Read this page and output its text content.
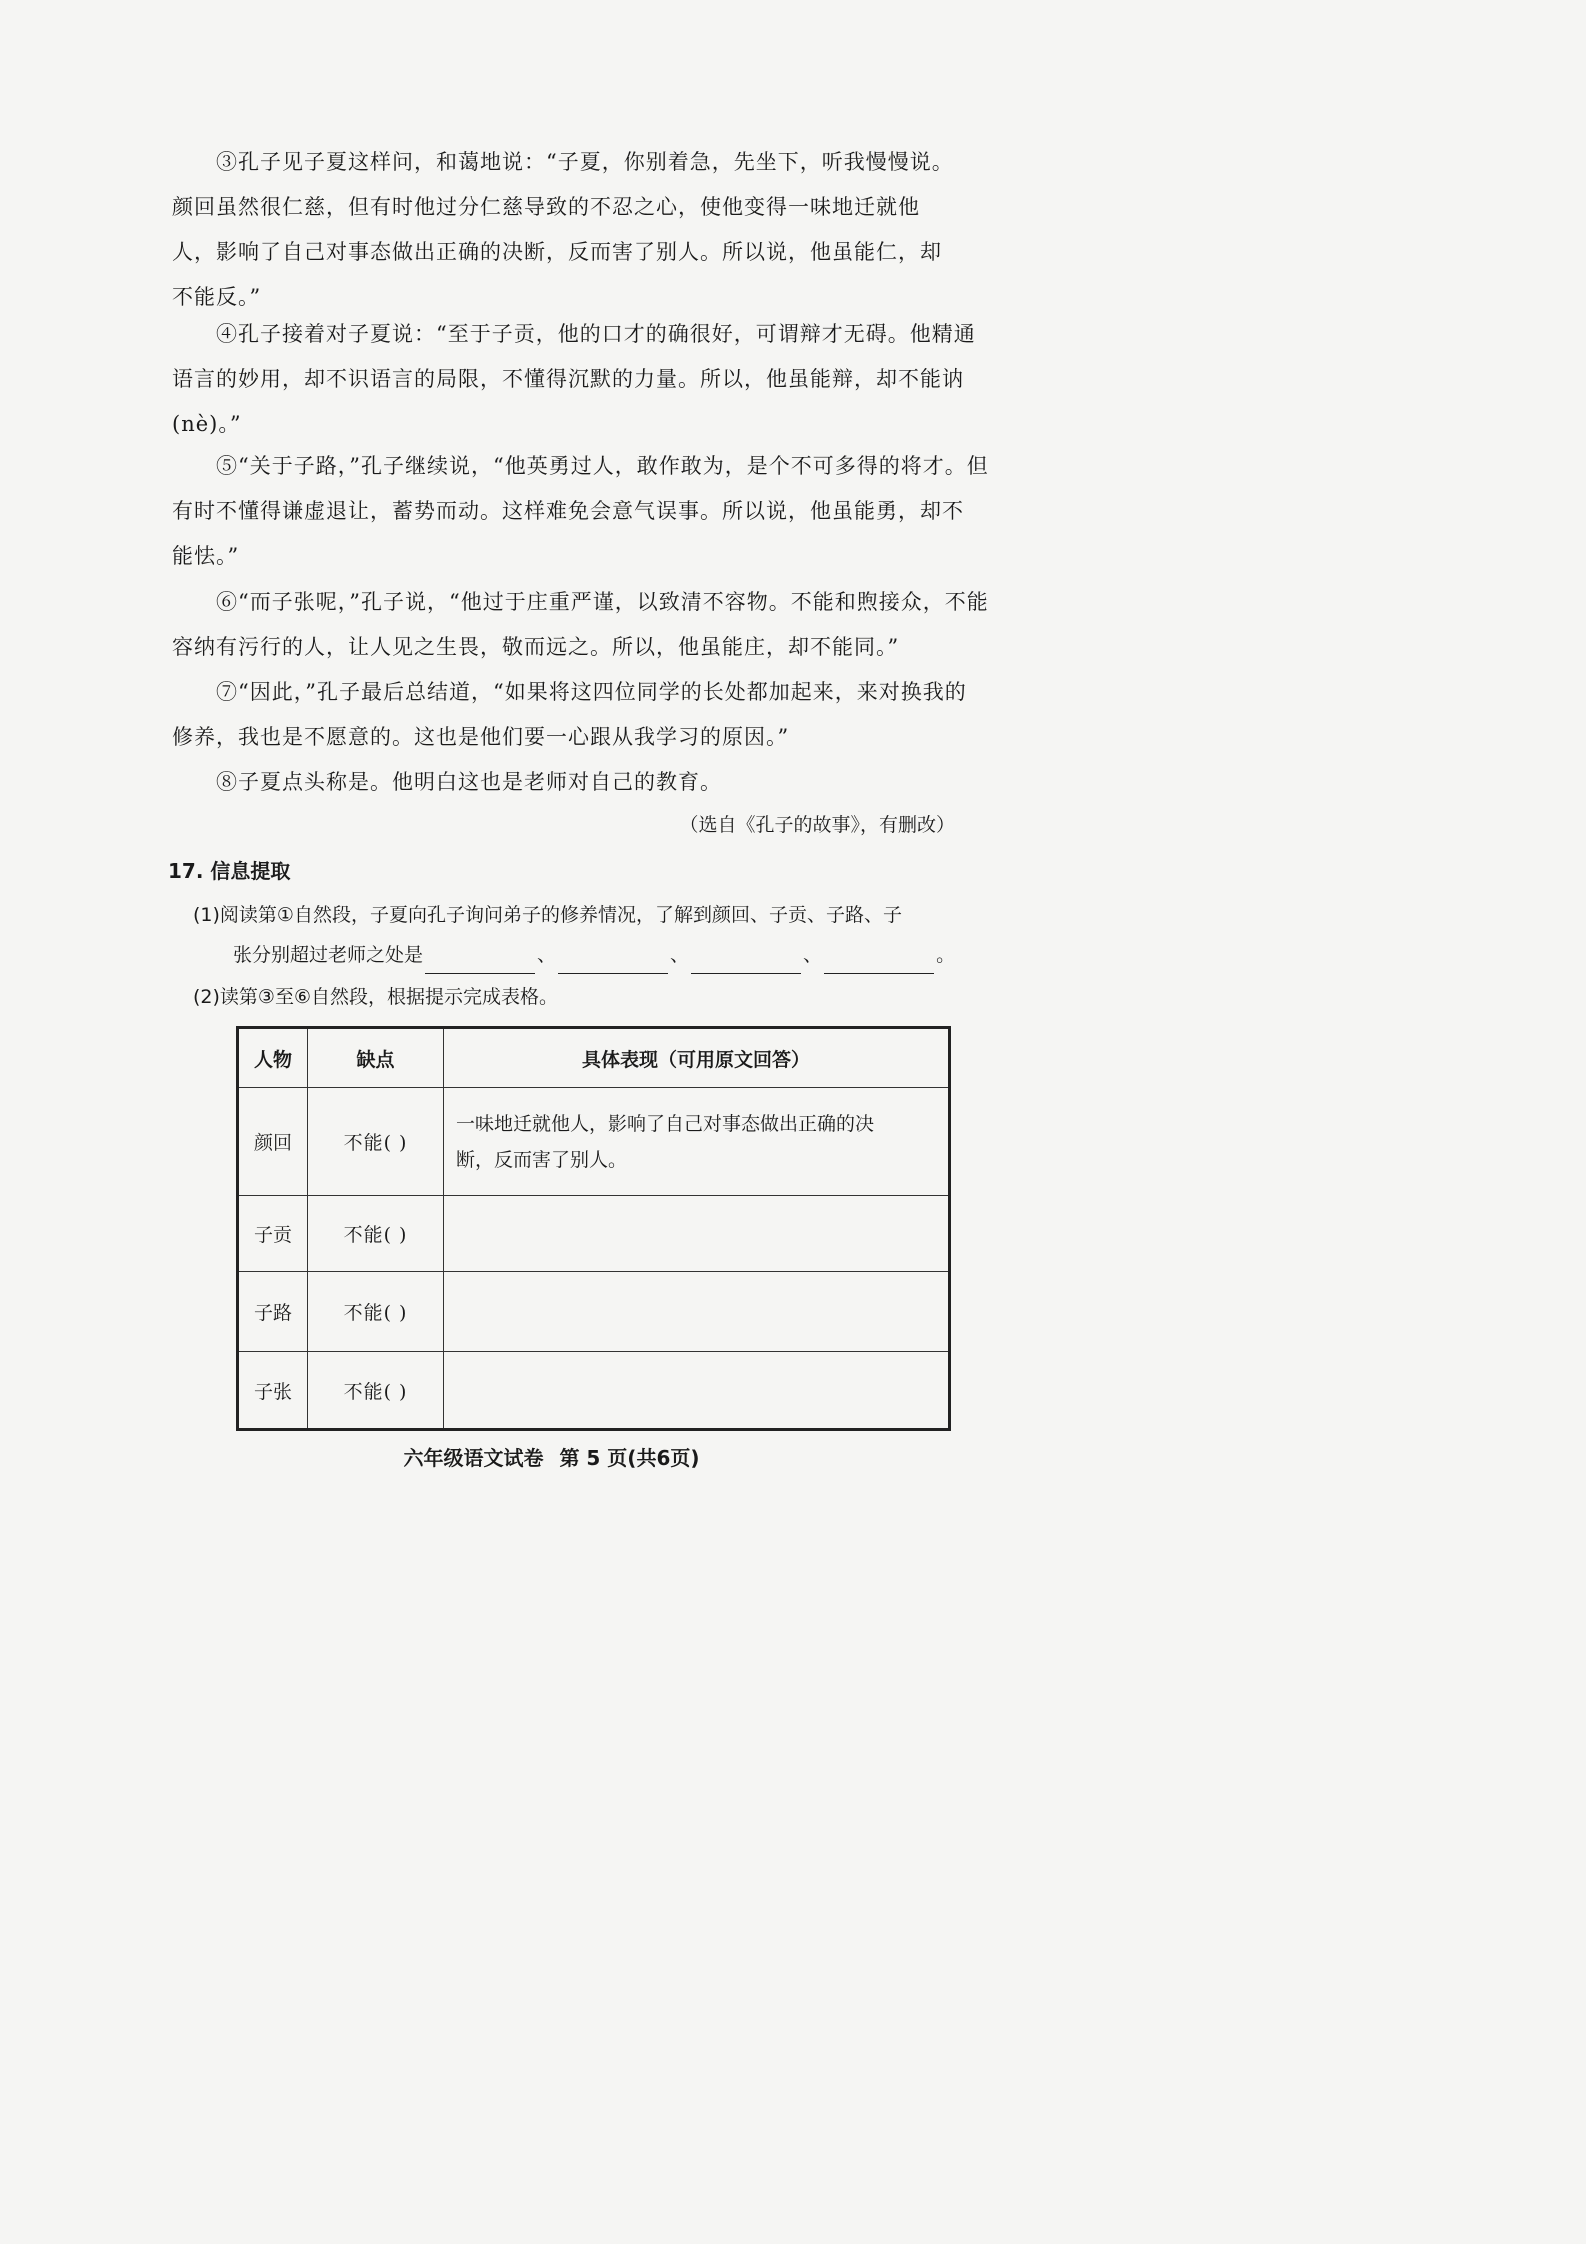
③孔子见子夏这样问，和蔼地说：“子夏，你别着急，先坐下，听我慢慢说。
颜回虽然很仁慈，但有时他过分仁慈导致的不忍之心，使他变得一味地迁就他
人，影响了自己对事态做出正确的决断，反而害了别人。所以说，他虽能仁，却
不能反。”
④孔子接着对子夏说：“至于子贡，他的口才的确很好，可谓辩才无碍。他精通
语言的妙用，却不识语言的局限，不懂得沉默的力量。所以，他虽能辩，却不能讷
(nè)。”
⑤“关于子路，”孔子继续说，“他英勇过人，敢作敢为，是个不可多得的将才。但
有时不懂得谦虚退让，蓄势而动。这样难免会意气误事。所以说，他虽能勇，却不
能怯。”
⑥“而子张呢，”孔子说，“他过于庄重严谨，以致清不容物。不能和煦接众，不能
容纳有污行的人，让人见之生畏，敬而远之。所以，他虽能庄，却不能同。”
⑦“因此，”孔子最后总结道，“如果将这四位同学的长处都加起来，来对换我的
修养，我也是不愿意的。这也是他们要一心跟从我学习的原因。”
⑧子夏点头称是。他明白这也是老师对自己的教育。
（选自《孔子的故事》，有删改）
17. 信息提取
(1)阅读第①自然段，子夏向孔子询问弟子的修养情况，了解到颜回、子贡、子路、子
张分别超过老师之处是	、	、	、	。
(2)读第③至⑥自然段，根据提示完成表格。
人物	缺点	具体表现（可用原文回答）
颜回	不能( )	一味地迁就他人，影响了自己对事态做出正确的决
断，反而害了别人。

子贡	不能( )	
子路	不能( )	
子张	不能( )	
六年级语文试卷 第 5 页(共6页)
